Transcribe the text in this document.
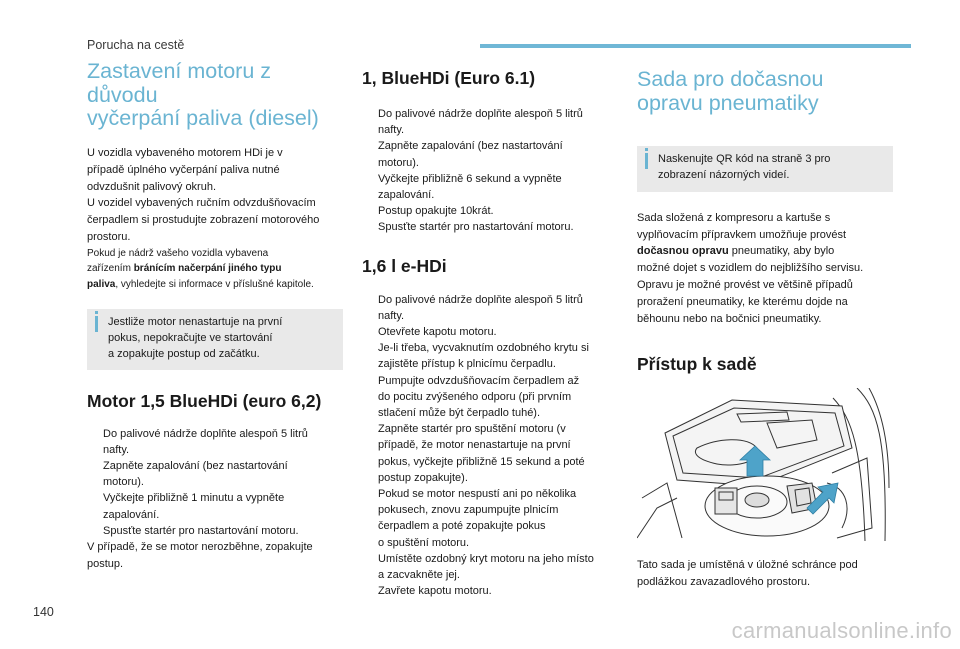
Porucha na cestě
Zastavení motoru z důvodu
vyčerpání paliva (diesel)

U vozidla vybaveného motorem HDi je v
případě úplného vyčerpání paliva nutné
odvzdušnit palivový okruh.
U vozidel vybavených ručním odvzdušňovacím
čerpadlem si prostudujte zobrazení motorového
prostoru.

Pokud je nádrž vašeho vozidla vybavena
zařízením bránícím načerpání jiného typu
paliva, vyhledejte si informace v příslušné kapitole.

Jestliže motor nenastartuje na první
pokus, nepokračujte ve startování
a zopakujte postup od začátku.

Motor 1,5 BlueHDi (euro 6,2)
Do palivové nádrže doplňte alespoň 5 litrů
nafty.
Zapněte zapalování (bez nastartování
motoru).
Vyčkejte přibližně 1 minutu a vypněte
zapalování.
Spusťte startér pro nastartování motoru.

V případě, že se motor nerozběhne, zopakujte
postup.

1, BlueHDi (Euro 6.1)
Do palivové nádrže doplňte alespoň 5 litrů
nafty.
Zapněte zapalování (bez nastartování
motoru).
Vyčkejte přibližně 6 sekund a vypněte
zapalování.
Postup opakujte 10krát.
Spusťte startér pro nastartování motoru.
1,6 l e-HDi
Do palivové nádrže doplňte alespoň 5 litrů
nafty.
Otevřete kapotu motoru.
Je-li třeba, vycvaknutím ozdobného krytu si
zajistěte přístup k plnicímu čerpadlu.
Pumpujte odvzdušňovacím čerpadlem až
do pocitu zvýšeného odporu (při prvním
stlačení může být čerpadlo tuhé).
Zapněte startér pro spuštění motoru (v
případě, že motor nenastartuje na první
pokus, vyčkejte přibližně 15 sekund a poté
postup zopakujte).
Pokud se motor nespustí ani po několika
pokusech, znovu zapumpujte plnicím
čerpadlem a poté zopakujte pokus
o spuštění motoru.
Umístěte ozdobný kryt motoru na jeho místo
a zacvakněte jej.
Zavřete kapotu motoru.
Sada pro dočasnou
opravu pneumatiky

Naskenujte QR kód na straně 3 pro
zobrazení názorných videí.

Sada složená z kompresoru a kartuše s
vyplňovacím přípravkem umožňuje provést
dočasnou opravu pneumatiky, aby bylo
možné dojet s vozidlem do nejbližšího servisu.
Opravu je možné provést ve většině případů
proražení pneumatiky, ke kterému dojde na
běhounu nebo na bočnici pneumatiky.

Přístup k sadě

Tato sada je umístěná v úložné schránce pod
podlážkou zavazadlového prostoru.

140
carmanualsonline.info
